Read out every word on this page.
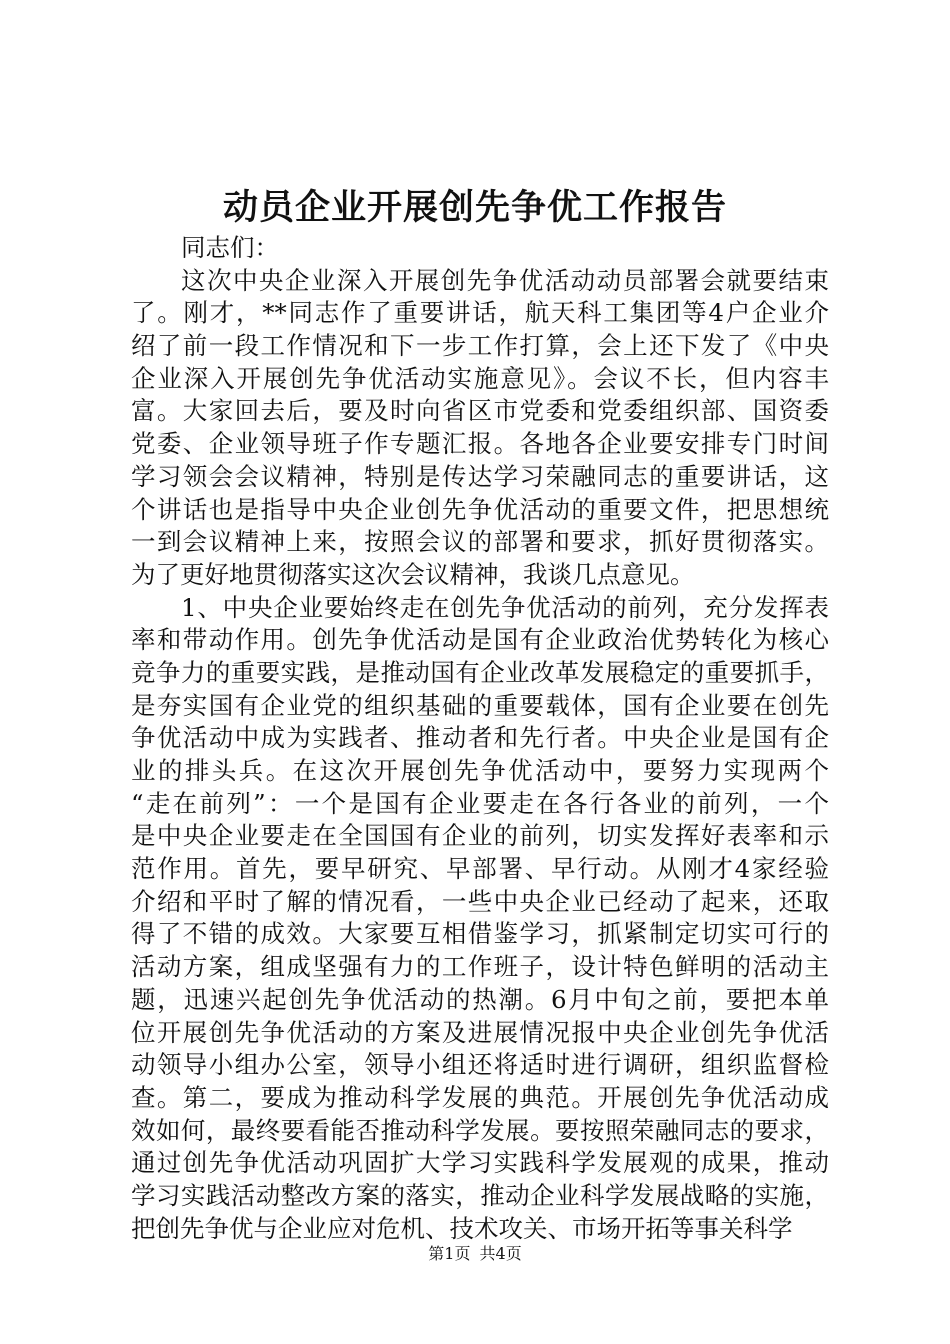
动员企业开展创先争优工作报告
同志们：
这次中央企业深入开展创先争优活动动员部署会就要结束
了。刚才，**同志作了重要讲话，航天科工集团等4户企业介
绍了前一段工作情况和下一步工作打算，会上还下发了《中央
企业深入开展创先争优活动实施意见》。会议不长，但内容丰
富。大家回去后，要及时向省区市党委和党委组织部、国资委
党委、企业领导班子作专题汇报。各地各企业要安排专门时间
学习领会会议精神，特别是传达学习荣融同志的重要讲话，这
个讲话也是指导中央企业创先争优活动的重要文件，把思想统
一到会议精神上来，按照会议的部署和要求，抓好贯彻落实。
为了更好地贯彻落实这次会议精神，我谈几点意见。
1、中央企业要始终走在创先争优活动的前列，充分发挥表
率和带动作用。创先争优活动是国有企业政治优势转化为核心
竞争力的重要实践，是推动国有企业改革发展稳定的重要抓手，
是夯实国有企业党的组织基础的重要载体，国有企业要在创先
争优活动中成为实践者、推动者和先行者。中央企业是国有企
业的排头兵。在这次开展创先争优活动中，要努力实现两个
“走在前列”：一个是国有企业要走在各行各业的前列，一个
是中央企业要走在全国国有企业的前列，切实发挥好表率和示
范作用。首先，要早研究、早部署、早行动。从刚才4家经验
介绍和平时了解的情况看，一些中央企业已经动了起来，还取
得了不错的成效。大家要互相借鉴学习，抓紧制定切实可行的
活动方案，组成坚强有力的工作班子，设计特色鲜明的活动主
题，迅速兴起创先争优活动的热潮。6月中旬之前，要把本单
位开展创先争优活动的方案及进展情况报中央企业创先争优活
动领导小组办公室，领导小组还将适时进行调研，组织监督检
查。第二，要成为推动科学发展的典范。开展创先争优活动成
效如何，最终要看能否推动科学发展。要按照荣融同志的要求，
通过创先争优活动巩固扩大学习实践科学发展观的成果，推动
学习实践活动整改方案的落实，推动企业科学发展战略的实施，
把创先争优与企业应对危机、技术攻关、市场开拓等事关科学
第1页 共4页
